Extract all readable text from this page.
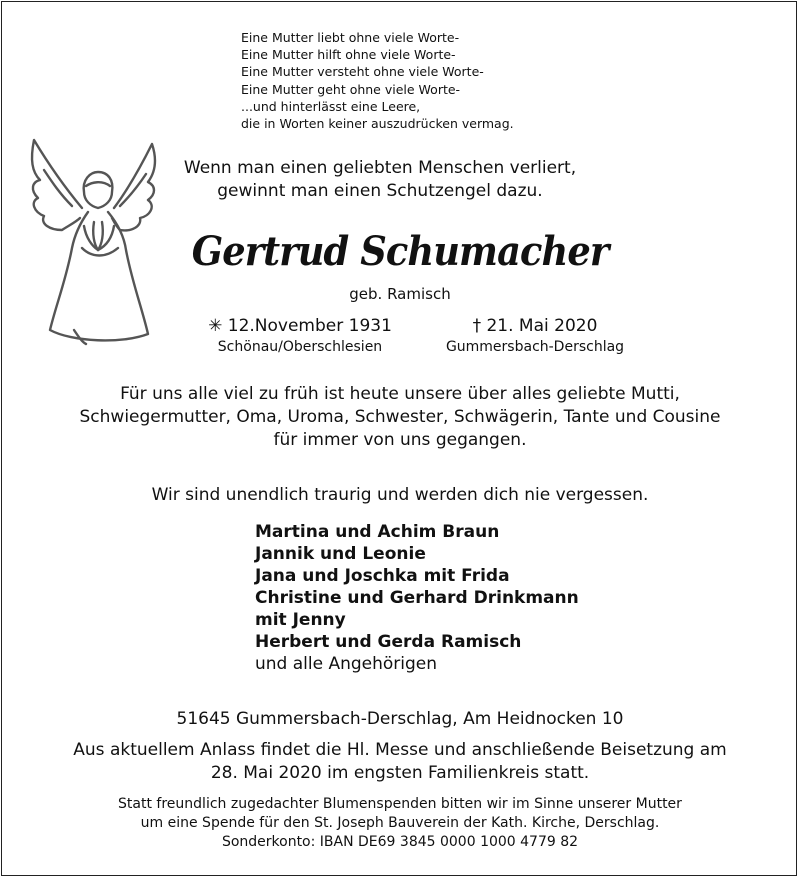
Eine Mutter liebt ohne viele Worte-
Eine Mutter hilft ohne viele Worte-
Eine Mutter versteht ohne viele Worte-
Eine Mutter geht ohne viele Worte-
...und hinterlässt eine Leere,
die in Worten keiner auszudrücken vermag.
Wenn man einen geliebten Menschen verliert,
gewinnt man einen Schutzengel dazu.
Gertrud Schumacher
geb. Ramisch
✳ 12.November 1931
Schönau/Oberschlesien
† 21. Mai 2020
Gummersbach-Derschlag
Für uns alle viel zu früh ist heute unsere über alles geliebte Mutti,
Schwiegermutter, Oma, Uroma, Schwester, Schwägerin, Tante und Cousine
für immer von uns gegangen.
Wir sind unendlich traurig und werden dich nie vergessen.
Martina und Achim Braun
Jannik und Leonie
Jana und Joschka mit Frida
Christine und Gerhard Drinkmann
mit Jenny
Herbert und Gerda Ramisch
und alle Angehörigen
51645 Gummersbach-Derschlag, Am Heidnocken 10
Aus aktuellem Anlass findet die Hl. Messe und anschließende Beisetzung am
28. Mai 2020 im engsten Familienkreis statt.
Statt freundlich zugedachter Blumenspenden bitten wir im Sinne unserer Mutter
um eine Spende für den St. Joseph Bauverein der Kath. Kirche, Derschlag.
Sonderkonto: IBAN DE69 3845 0000 1000 4779 82
